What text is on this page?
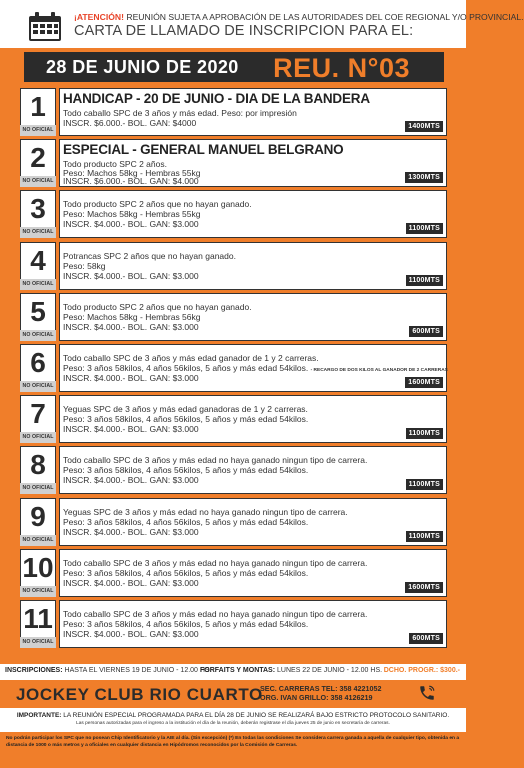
¡ATENCIÓN! REUNIÓN SUJETA A APROBACIÓN DE LAS AUTORIDADES DEL COE REGIONAL Y/O PROVINCIAL.
CARTA DE LLAMADO DE INSCRIPCION PARA EL:
28 DE JUNIO DE 2020 REU. N°03
1
NO OFICIAL
HANDICAP - 20 DE JUNIO - DIA DE LA BANDERA
Todo caballo SPC de 3 años y más edad. Peso: por impresión
INSCR. $6.000.- BOL. GAN: $4000	1400MTS
2
NO OFICIAL
ESPECIAL - GENERAL MANUEL BELGRANO
Todo producto SPC 2 años.
Peso: Machos 58kg - Hembras 55kg
INSCR. $6.000.- BOL. GAN: $4.000	1300MTS
3
NO OFICIAL
Todo producto SPC 2 años que no hayan ganado.
Peso: Machos 58kg - Hembras 55kg
INSCR. $4.000.- BOL. GAN: $3.000	1100MTS
4
NO OFICIAL
Potrancas SPC 2 años que no hayan ganado.
Peso: 58kg
INSCR. $4.000.- BOL. GAN: $3.000	1100MTS
5
NO OFICIAL
Todo producto SPC 2 años que no hayan ganado.
Peso: Machos 58kg - Hembras 56kg
INSCR. $4.000.- BOL. GAN: $3.000	600MTS
6
NO OFICIAL
Todo caballo SPC de 3 años y más edad ganador de 1 y 2 carreras.
Peso: 3 años 58kilos, 4 años 56kilos, 5 años y más edad 54kilos. - RECARGO DE DOS KILOS AL GANADOR DE 2 CARRERAS
INSCR. $4.000.- BOL. GAN: $3.000	1600MTS
7
NO OFICIAL
Yeguas SPC de 3 años y más edad ganadoras de 1 y 2 carreras.
Peso: 3 años 58kilos, 4 años 56kilos, 5 años y más edad 54kilos.
INSCR. $4.000.- BOL. GAN: $3.000	1100MTS
8
NO OFICIAL
Todo caballo SPC de 3 años y más edad no haya ganado ningun tipo de carrera.
Peso: 3 años 58kilos, 4 años 56kilos, 5 años y más edad 54kilos.
INSCR. $4.000.- BOL. GAN: $3.000	1100MTS
9
NO OFICIAL
Yeguas SPC de 3 años y más edad no haya ganado ningun tipo de carrera.
Peso: 3 años 58kilos, 4 años 56kilos, 5 años y más edad 54kilos.
INSCR. $4.000.- BOL. GAN: $3.000	1100MTS
10
NO OFICIAL
Todo caballo SPC de 3 años y más edad no haya ganado ningun tipo de carrera.
Peso: 3 años 58kilos, 4 años 56kilos, 5 años y más edad 54kilos.
INSCR. $4.000.- BOL. GAN: $3.000	1600MTS
11
NO OFICIAL
Todo caballo SPC de 3 años y más edad no haya ganado ningun tipo de carrera.
Peso: 3 años 58kilos, 4 años 56kilos, 5 años y más edad 54kilos.
INSCR. $4.000.- BOL. GAN: $3.000	600MTS
INSCRIPCIONES: HASTA EL VIERNES 19 DE JUNIO - 12.00 HS.
FORFAITS Y MONTAS: LUNES 22 DE JUNIO - 12.00 HS. DCHO. PROGR.: $300.-
JOCKEY CLUB RIO CUARTO
SEC. CARRERAS TEL: 358 4221052
ORG. IVAN GRILLO: 358 4126219
IMPORTANTE: LA REUNIÓN ESPECIAL PROGRAMADA PARA EL DÍA 28 DE JUNIO SE REALIZARÁ BAJO ESTRICTO PROTOCOLO SANITARIO.
Las personas autorizadas para el ingreso a la institución el día de la reunión, deberán registrase el día jueves 25 de junio en secretaría de carreras.
No podrán participar los SPC que no posean Chip Identificatorio y la AIE al día. (Sin excepción) (*) En todas las condiciones Se considera carrera ganada a aquella de cualquier tipo, obtenida en a distancia de 1000 o más metros y a oficiales en cualquier distancia en Hipódromos reconocidos por la Comisión de Carreras.
